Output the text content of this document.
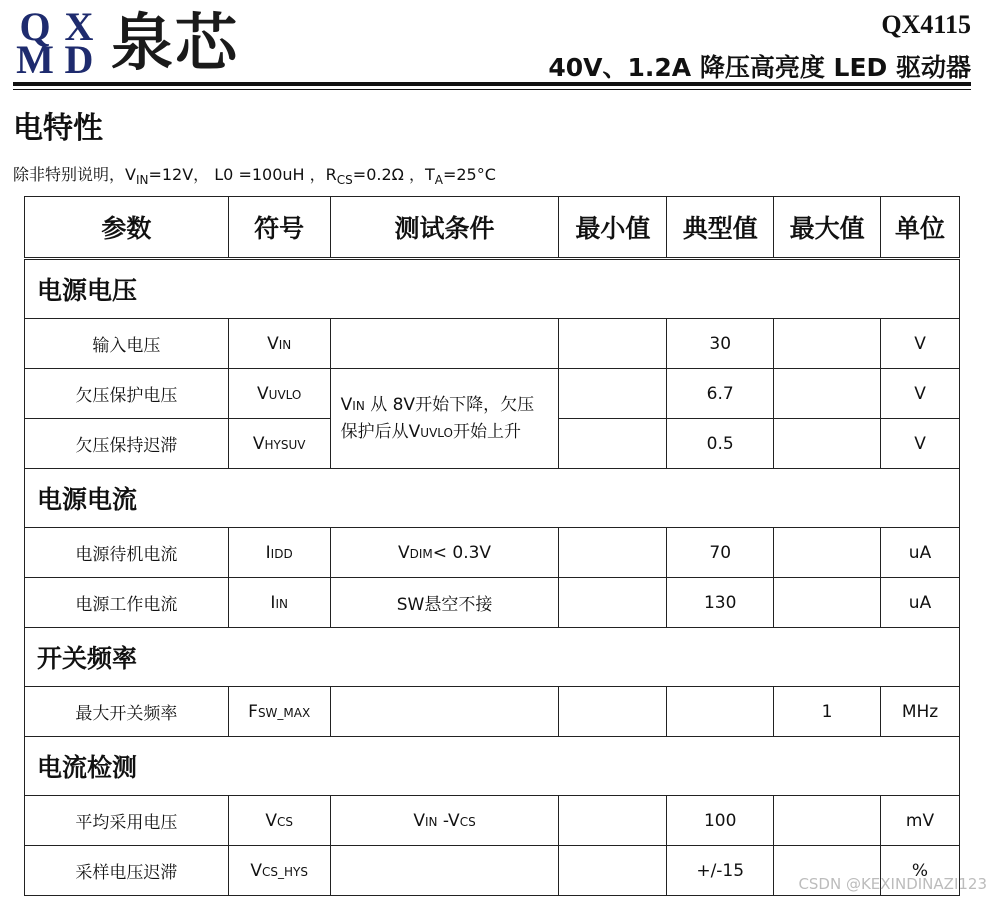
Q X
M D 泉芯	QX4115
40V、1.2A 降压高亮度 LED 驱动器
电特性
除非特别说明，$V_{IN}=12V$， L0 =100uH ，$R_{CS}=0.2\Omega$ ，$T_A=25^\circ C$
参数	符号	测试条件	最小值	典型值	最大值	单位
电源电压						
输入电压	VIN			30		V
欠压保护电压	VUVLO	VIN 从 8V开始下降，欠压保护后从VUVLO开始上升		6.7		V
欠压保持迟滞	VHYSUV			0.5		V
电源电流						
电源待机电流	IIDD	VDIM< 0.3V		70		uA
电源工作电流	IIN	SW悬空不接		130		uA
开关频率						
最大开关频率	FSW_MAX				1	MHz
电流检测						
平均采用电压	VCS	VIN -VCS		100		mV
采样电压迟滞	VCS_HYS			+/-15		%
CSDN @KEXINDINAZI123
